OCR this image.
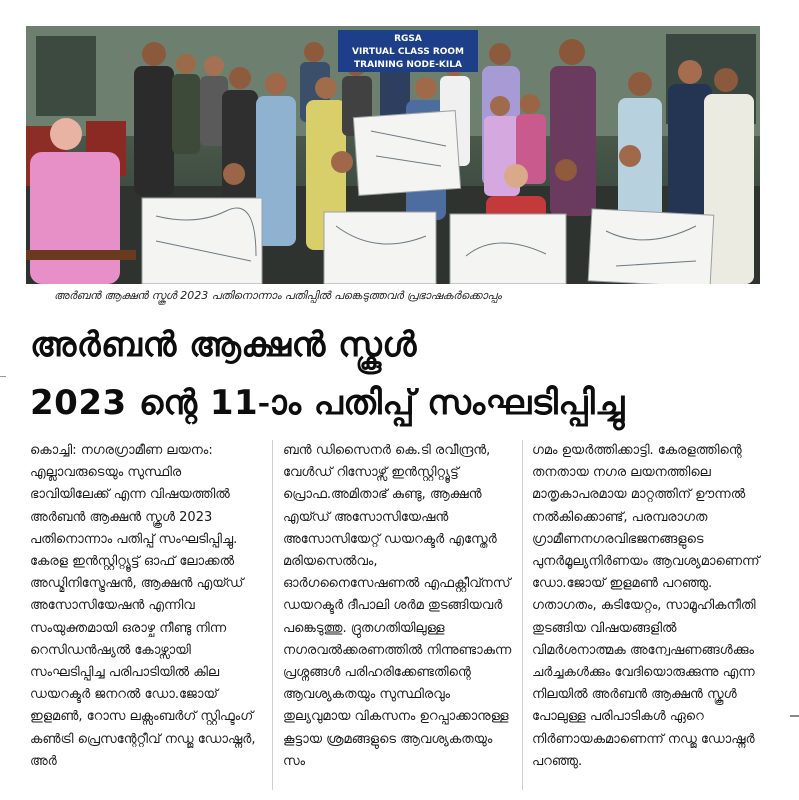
RGSA
VIRTUAL CLASS ROOM
TRAINING NODE-KILA
അർബൻ ആക്ഷൻ സ്കൂൾ 2023 പതിനൊന്നാം പതിപ്പിൽ പങ്കെടുത്തവർ പ്രഭാഷകർക്കൊപ്പം
അർബൻ ആക്ഷൻ സ്കൂൾ
2023 ന്റെ 11-ാം പതിപ്പ് സംഘടിപ്പിച്ചു

കൊച്ചി: നഗരഗ്രാമീണ ലയനം: എല്ലാവരുടെയും സുസ്ഥിര ഭാവിയിലേക്ക് എന്ന വിഷയത്തിൽ അർബൻ ആക്ഷൻ സ്കൂൾ 2023 പതിനൊന്നാം പതിപ്പ് സംഘടിപ്പിച്ചു. കേരള ഇൻസ്റ്റിറ്റ്യൂട്ട് ഓഫ് ലോക്കൽ അഡ്മിനിസ്ട്രേഷൻ, ആക്ഷൻ എയ്ഡ് അസോസിയേഷൻ എന്നിവ സംയുക്തമായി ഒരാഴ്ച നീണ്ടു നിന്ന റെസിഡൻഷ്യൽ കോഴ്സായി സംഘടിപ്പിച്ച പരിപാടിയിൽ കില ഡയറക്ടർ ജനറൽ ഡോ.ജോയ് ഇളമൺ, റോസ ലക്സംബർഗ് സ്റ്റിഫ്ടംഗ് കൺട്രി പ്രെസന്റേറ്റീവ് നഡ്ജ ഡോഷ്നർ, അർ

ബൻ ഡിസൈനർ കെ.ടി രവീന്ദ്രൻ, വേൾഡ് റിസോഴ്സ് ഇൻസ്റ്റിറ്റ്യൂട്ട് പ്രൊഫ.അമിതാഭ് കുണ്ടു, ആക്ഷൻ എയ്ഡ് അസോസിയേഷൻ അസോസിയേറ്റ് ഡയറക്ടർ എസ്തേർ മരിയസെൽവം, ഓർഗനൈസേഷണൽ എഫക്റ്റീവ്നസ് ഡയറക്ടർ ദീപാലി ശർമ തുടങ്ങിയവർ പങ്കെടുത്തു. ദ്രുതഗതിയിലുള്ള നഗരവൽക്കരണത്തിൽ നിന്നുണ്ടാകുന്ന പ്രശ്നങ്ങൾ പരിഹരിക്കേണ്ടതിന്റെ ആവശ്യകതയും സുസ്ഥിരവും തുല്യവുമായ വികസനം ഉറപ്പാക്കാനുള്ള കൂട്ടായ ശ്രമങ്ങളുടെ ആവശ്യകതയും സം

ഗമം ഉയർത്തിക്കാട്ടി. കേരളത്തിന്റെ തനതായ നഗര ലയനത്തിലെ മാതൃകാപരമായ മാറ്റത്തിന് ഊന്നൽ നൽകിക്കൊണ്ട്, പരമ്പരാഗത ഗ്രാമീണനഗരവിഭജനങ്ങളുടെ പുനർമൂല്യനിർണയം ആവശ്യമാണെന്ന് ഡോ.ജോയ് ഇളമൺ പറഞ്ഞു. ഗതാഗതം, കുടിയേറ്റം, സാമൂഹികനീതി തുടങ്ങിയ വിഷയങ്ങളിൽ വിമർശനാത്മക അന്വേഷണങ്ങൾക്കും ചർച്ചകൾക്കും വേദിയൊരുക്കുന്നു എന്ന നിലയിൽ അർബൻ ആക്ഷൻ സ്കൂൾ പോലുള്ള പരിപാടികൾ ഏറെ നിർണായകമാണെന്ന് നഡ്ജ ഡോഷ്നർ പറഞ്ഞു.
